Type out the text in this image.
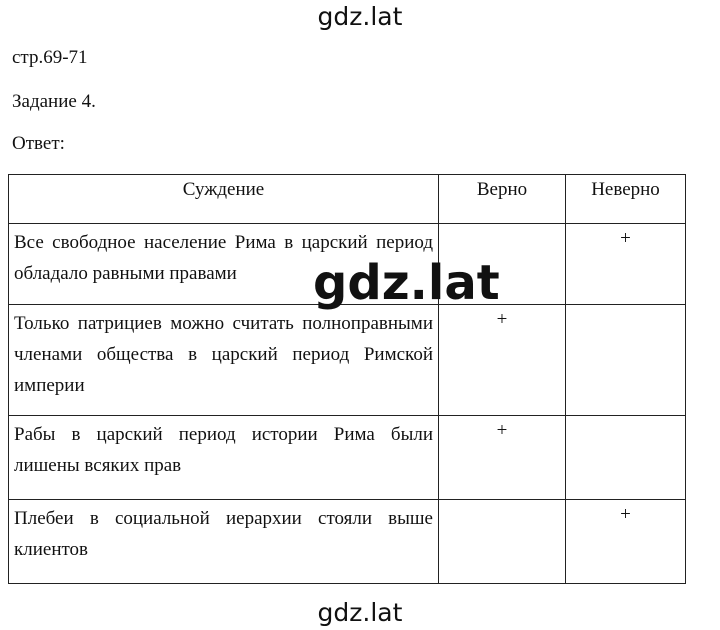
gdz.lat
стр.69-71
Задание 4.
Ответ:
Суждение	Верно	Неверно
Все свободное население Рима в царский период обладало равными правами		+
Только патрициев можно считать полноправными членами общества в царский период Римской империи	+	
Рабы в царский период истории Рима были лишены всяких прав	+	
Плебеи в социальной иерархии стояли выше клиентов		+
gdz.lat
gdz.lat
